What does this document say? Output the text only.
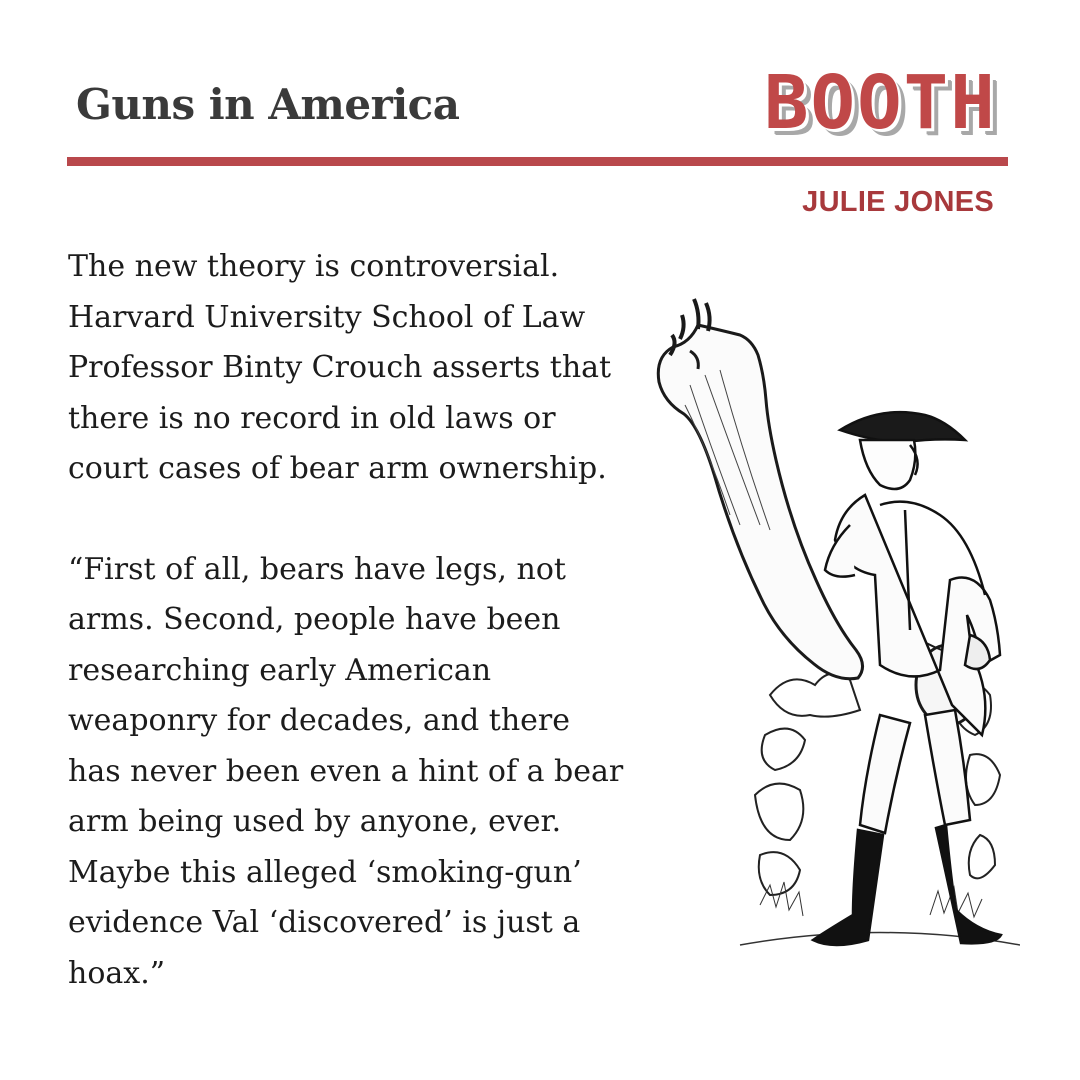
Guns in America	BOOTH
JULIE JONES

The new theory is controversial.
Harvard University School of Law
Professor Binty Crouch asserts that
there is no record in old laws or
court cases of bear arm ownership.

“First of all, bears have legs, not
arms. Second, people have been
researching early American
weaponry for decades, and there
has never been even a hint of a bear
arm being used by anyone, ever.
Maybe this alleged ‘smoking-gun’
evidence Val ‘discovered’ is just a
hoax.”
